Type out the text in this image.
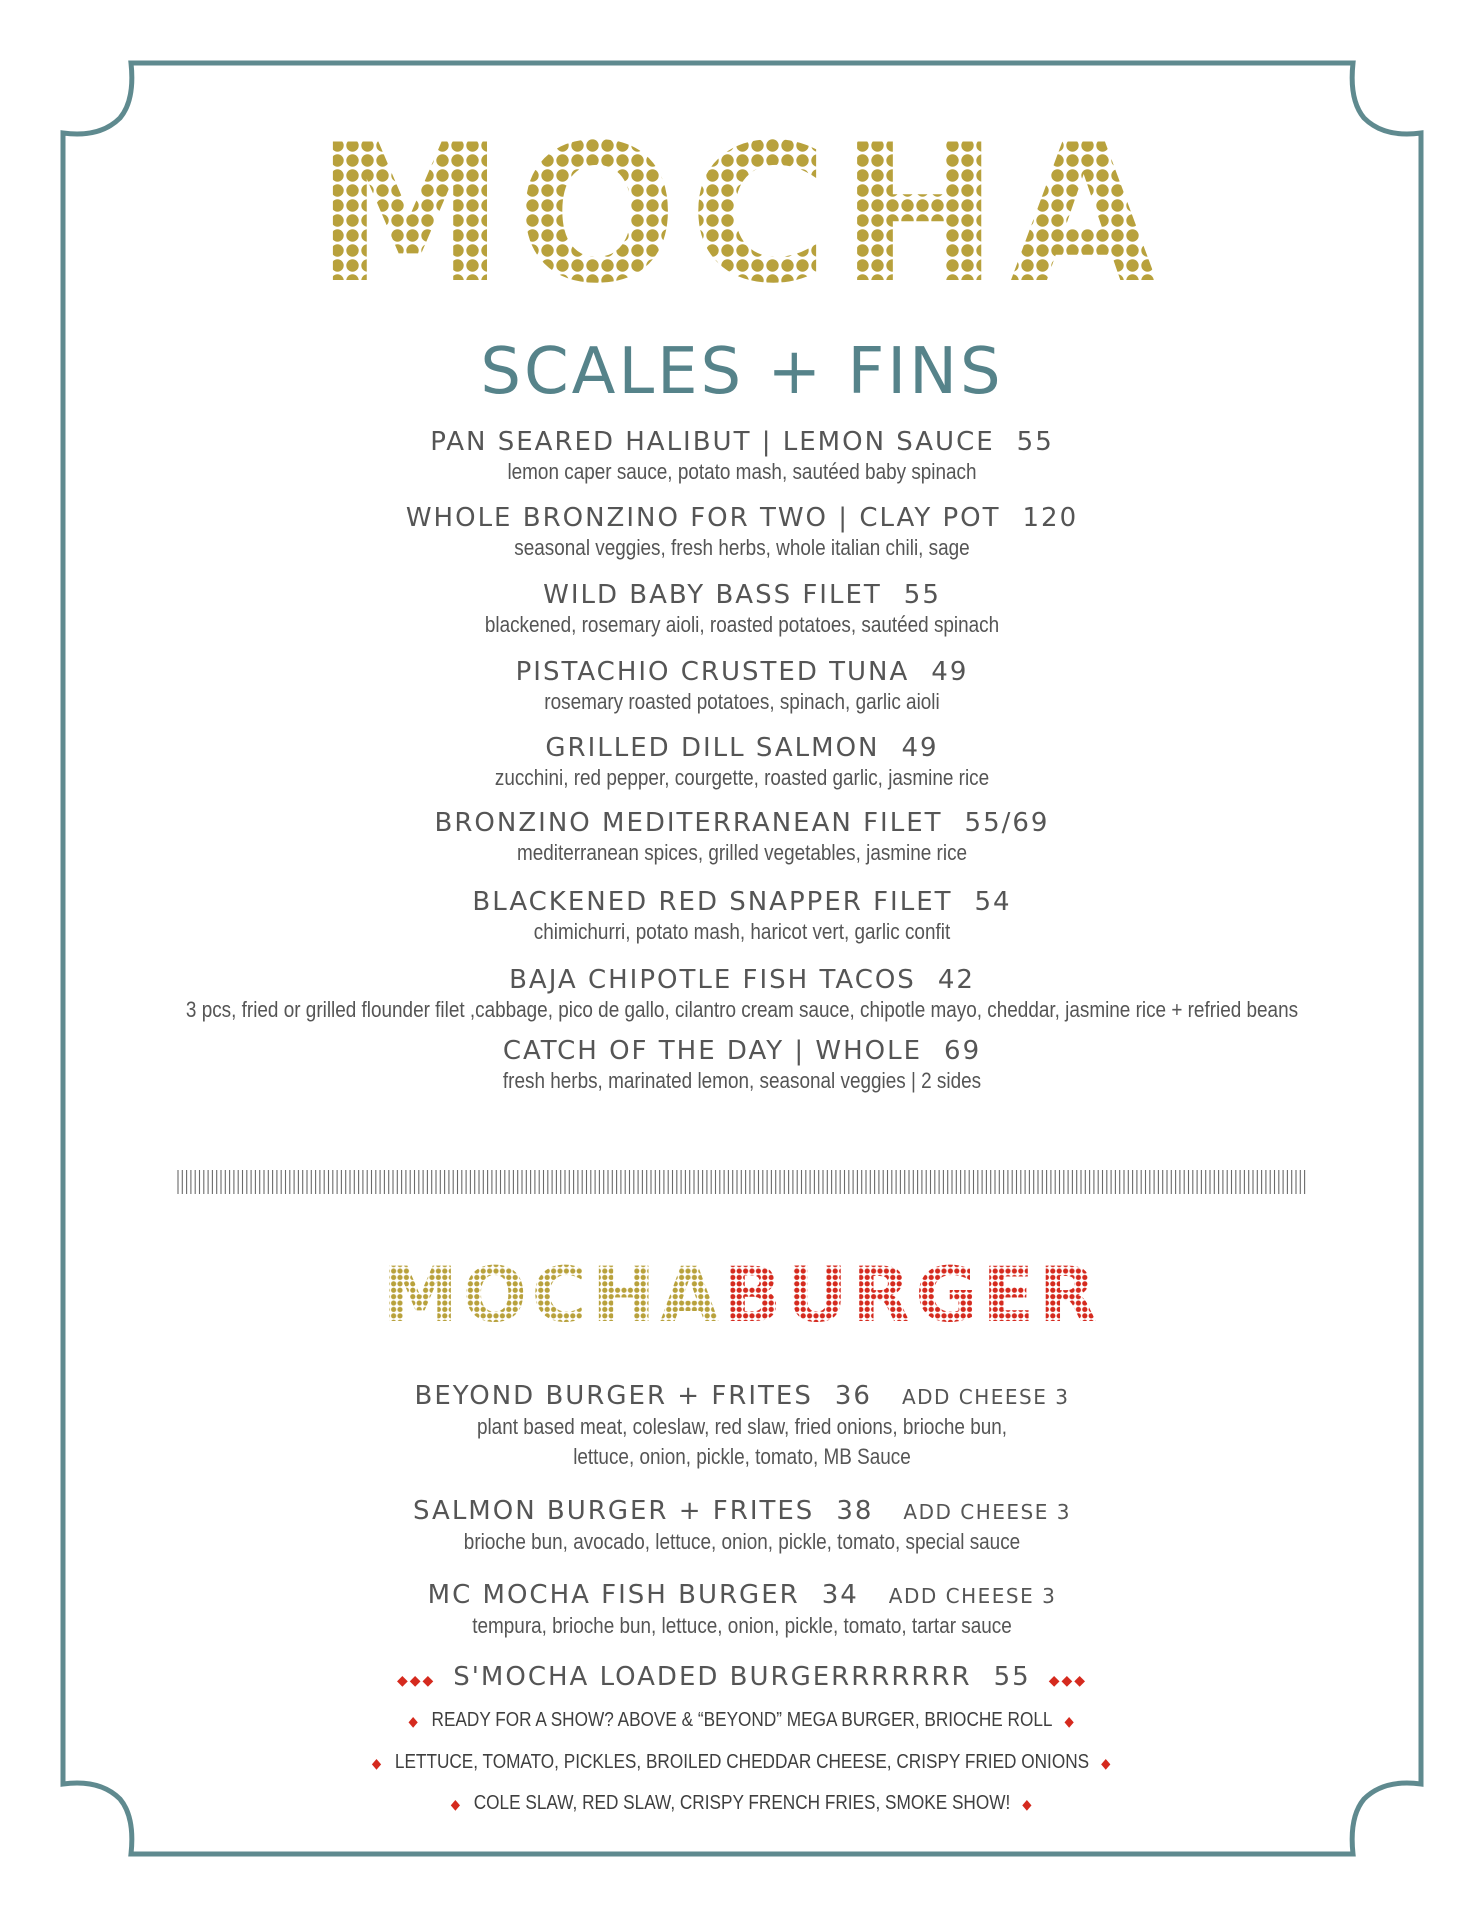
MOCHA
SCALES + FINS
PAN SEARED HALIBUT | LEMON SAUCE 55
lemon caper sauce, potato mash, sautéed baby spinach
WHOLE BRONZINO FOR TWO | CLAY POT 120
seasonal veggies, fresh herbs, whole italian chili, sage
WILD BABY BASS FILET 55
blackened, rosemary aioli, roasted potatoes, sautéed spinach
PISTACHIO CRUSTED TUNA 49
rosemary roasted potatoes, spinach, garlic aioli
GRILLED DILL SALMON 49
zucchini, red pepper, courgette, roasted garlic, jasmine rice
BRONZINO MEDITERRANEAN FILET 55/69
mediterranean spices, grilled vegetables, jasmine rice
BLACKENED RED SNAPPER FILET 54
chimichurri, potato mash, haricot vert, garlic confit
BAJA CHIPOTLE FISH TACOS 42
3 pcs, fried or grilled flounder filet ,cabbage, pico de gallo, cilantro cream sauce, chipotle mayo, cheddar, jasmine rice + refried beans
CATCH OF THE DAY | WHOLE 69
fresh herbs, marinated lemon, seasonal veggies | 2 sides
MOCHABURGER
BEYOND BURGER + FRITES 36 ADD CHEESE 3
plant based meat, coleslaw, red slaw, fried onions, brioche bun,
lettuce, onion, pickle, tomato, MB Sauce
SALMON BURGER + FRITES 38 ADD CHEESE 3
brioche bun, avocado, lettuce, onion, pickle, tomato, special sauce
MC MOCHA FISH BURGER 34 ADD CHEESE 3
tempura, brioche bun, lettuce, onion, pickle, tomato, tartar sauce
◆◆◆ S'MOCHA LOADED BURGERRRRRRR 55 ◆◆◆
◆ READY FOR A SHOW? ABOVE & “BEYOND” MEGA BURGER, BRIOCHE ROLL ◆
◆ LETTUCE, TOMATO, PICKLES, BROILED CHEDDAR CHEESE, CRISPY FRIED ONIONS ◆
◆ COLE SLAW, RED SLAW, CRISPY FRENCH FRIES, SMOKE SHOW! ◆
